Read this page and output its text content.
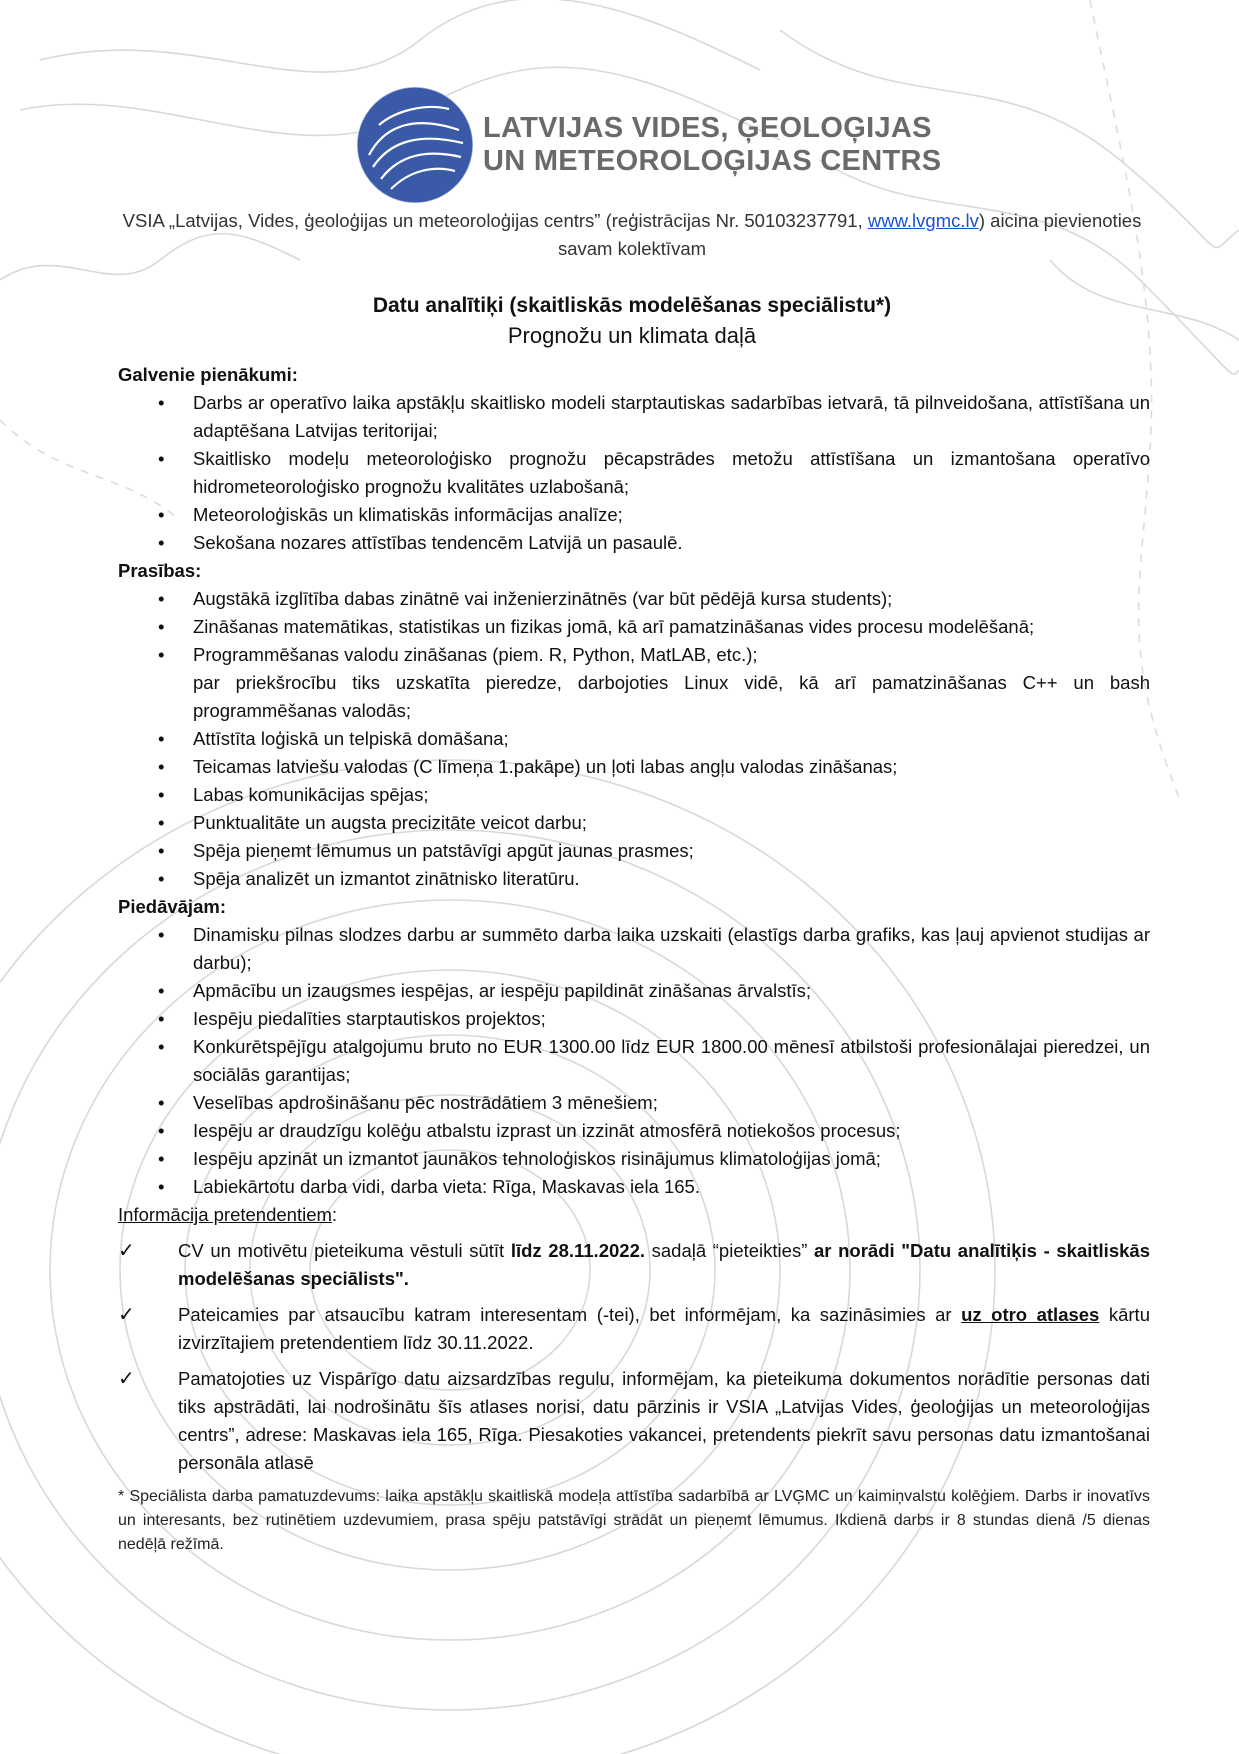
LATVIJAS VIDES, ĢEOLOĢIJAS
UN METEOROLOĢIJAS CENTRS
VSIA „Latvijas, Vides, ģeoloģijas un meteoroloģijas centrs” (reģistrācijas Nr. 50103237791, www.lvgmc.lv) aicina pievienoties savam kolektīvam
Datu analītiķi (skaitliskās modelēšanas speciālistu*)
Prognožu un klimata daļā
Galvenie pienākumi:
• Darbs ar operatīvo laika apstākļu skaitlisko modeli starptautiskas sadarbības ietvarā, tā pilnveidošana, attīstīšana un adaptēšana Latvijas teritorijai;
• Skaitlisko modeļu meteoroloģisko prognožu pēcapstrādes metožu attīstīšana un izmantošana operatīvo hidrometeoroloģisko prognožu kvalitātes uzlabošanā;
• Meteoroloģiskās un klimatiskās informācijas analīze;
• Sekošana nozares attīstības tendencēm Latvijā un pasaulē.
Prasības:
• Augstākā izglītība dabas zinātnē vai inženierzinātnēs (var būt pēdējā kursa students);
• Zināšanas matemātikas, statistikas un fizikas jomā, kā arī pamatzināšanas vides procesu modelēšanā;
• Programmēšanas valodu zināšanas (piem. R, Python, MatLAB, etc.);
par priekšrocību tiks uzskatīta pieredze, darbojoties Linux vidē, kā arī pamatzināšanas C++ un bash programmēšanas valodās;
• Attīstīta loģiskā un telpiskā domāšana;
• Teicamas latviešu valodas (C līmeņa 1.pakāpe) un ļoti labas angļu valodas zināšanas;
• Labas komunikācijas spējas;
• Punktualitāte un augsta precizitāte veicot darbu;
• Spēja pieņemt lēmumus un patstāvīgi apgūt jaunas prasmes;
• Spēja analizēt un izmantot zinātnisko literatūru.
Piedāvājam:
• Dinamisku pilnas slodzes darbu ar summēto darba laika uzskaiti (elastīgs darba grafiks, kas ļauj apvienot studijas ar darbu);
• Apmācību un izaugsmes iespējas, ar iespēju papildināt zināšanas ārvalstīs;
• Iespēju piedalīties starptautiskos projektos;
• Konkurētspējīgu atalgojumu bruto no EUR 1300.00 līdz EUR 1800.00 mēnesī atbilstoši profesionālajai pieredzei, un sociālās garantijas;
• Veselības apdrošināšanu pēc nostrādātiem 3 mēnešiem;
• Iespēju ar draudzīgu kolēģu atbalstu izprast un izzināt atmosfērā notiekošos procesus;
• Iespēju apzināt un izmantot jaunākos tehnoloģiskos risinājumus klimatoloģijas jomā;
• Labiekārtotu darba vidi, darba vieta: Rīga, Maskavas iela 165.
Informācija pretendentiem:
✓ CV un motivētu pieteikuma vēstuli sūtīt līdz 28.11.2022. sadaļā “pieteikties” ar norādi "Datu analītiķis - skaitliskās modelēšanas speciālists".
✓ Pateicamies par atsaucību katram interesentam (-tei), bet informējam, ka sazināsimies ar uz otro atlases kārtu izvirzītajiem pretendentiem līdz 30.11.2022.
✓ Pamatojoties uz Vispārīgo datu aizsardzības regulu, informējam, ka pieteikuma dokumentos norādītie personas dati tiks apstrādāti, lai nodrošinātu šīs atlases norisi, datu pārzinis ir VSIA „Latvijas Vides, ģeoloģijas un meteoroloģijas centrs”, adrese: Maskavas iela 165, Rīga. Piesakoties vakancei, pretendents piekrīt savu personas datu izmantošanai personāla atlasē
* Speciālista darba pamatuzdevums: laika apstākļu skaitliskā modeļa attīstība sadarbībā ar LVĢMC un kaimiņvalstu kolēģiem. Darbs ir inovatīvs un interesants, bez rutinētiem uzdevumiem, prasa spēju patstāvīgi strādāt un pieņemt lēmumus. Ikdienā darbs ir 8 stundas dienā /5 dienas nedēļā režīmā.
